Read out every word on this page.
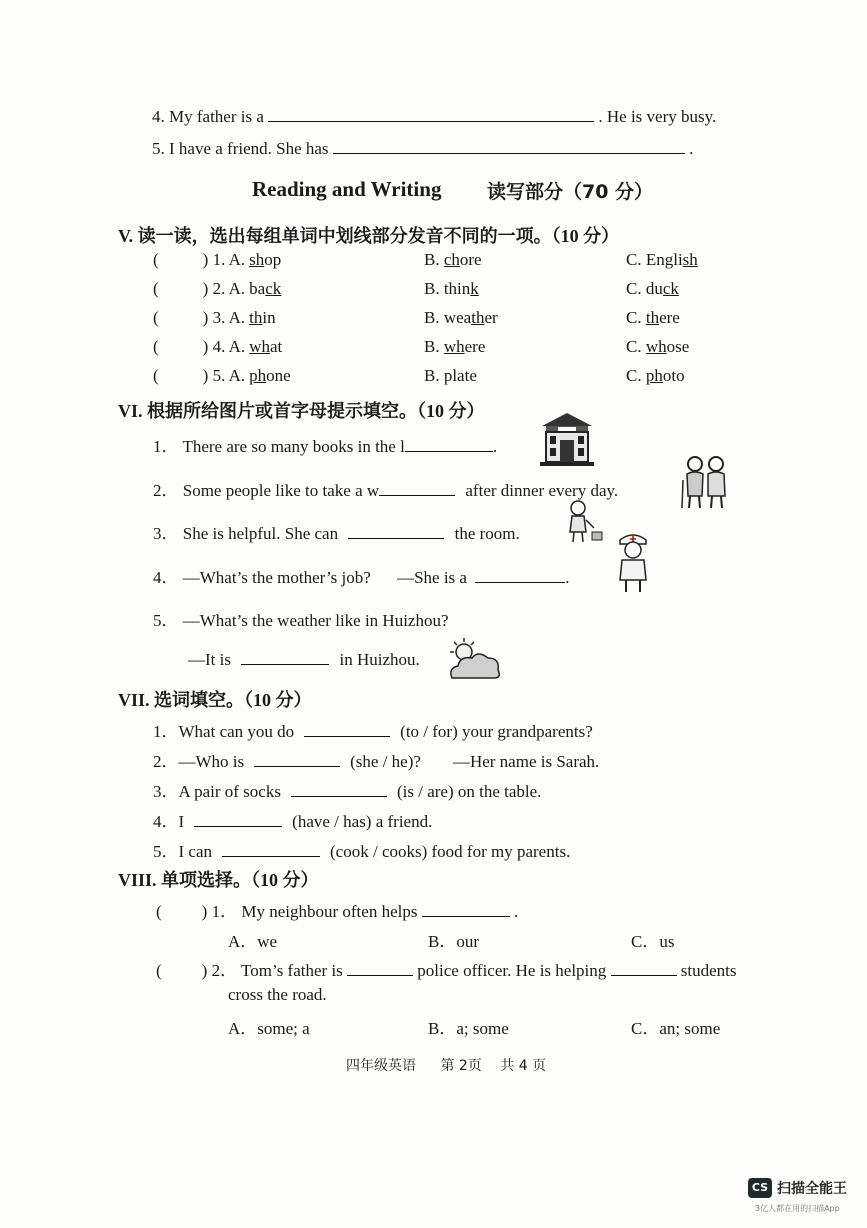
4. My father is a	. He is very busy.
5. I have a friend. She has	.
Reading and Writing 读写部分（70 分）
V. 读一读，选出每组单词中划线部分发音不同的一项。（10 分）
(	) 1. A. shop	B. chore	C. English
(	) 2. A. back	B. think	C. duck
(	) 3. A. thin	B. weather	C. there
(	) 4. A. what	B. where	C. whose
(	) 5. A. phone	B. plate	C. photo
VI. 根据所给图片或首字母提示填空。（10 分）
1． There are so many books in the l	.
2． Some people like to take a w	after dinner every day.
3． She is helpful. She can	the room.
4． —What’s the mother’s job? —She is a	.
5． —What’s the weather like in Huizhou?
—It is	in Huizhou.
VII. 选词填空。（10 分）
1．What can you do	(to / for) your grandparents?
2．—Who is	(she / he)? —Her name is Sarah.
3．A pair of socks	(is / are) on the table.
4．I	(have / has) a friend.
5．I can	(cook / cooks) food for my parents.
VIII. 单项选择。（10 分）
( ) 1． My neighbour often helps	.
A．we	B．our	C．us
( ) 2． Tom’s father is	police officer. He is helping	students
cross the road.
A．some; a	B．a; some	C．an; some
四年级英语 第 2页 共 4 页
CS 扫描全能王
3亿人都在用的扫描App
